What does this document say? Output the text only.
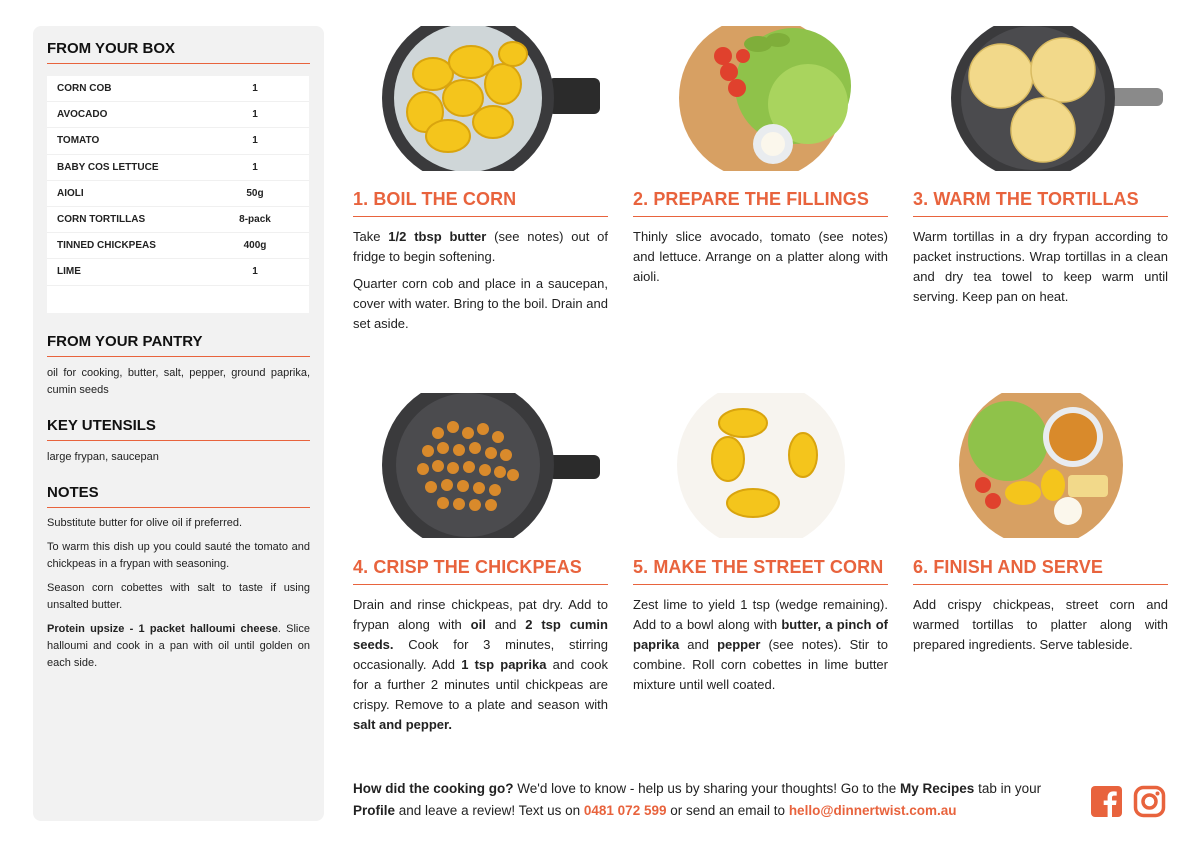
FROM YOUR BOX
CORN COB	1
AVOCADO	1
TOMATO	1
BABY COS LETTUCE	1
AIOLI	50g
CORN TORTILLAS	8-pack
TINNED CHICKPEAS	400g
LIME	1
FROM YOUR PANTRY
oil for cooking, butter, salt, pepper, ground paprika, cumin seeds
KEY UTENSILS
large frypan, saucepan
NOTES
Substitute butter for olive oil if preferred.
To warm this dish up you could sauté the tomato and chickpeas in a frypan with seasoning.
Season corn cobettes with salt to taste if using unsalted butter.
Protein upsize - 1 packet halloumi cheese. Slice halloumi and cook in a pan with oil until golden on each side.
1. BOIL THE CORN

Take 1/2 tbsp butter (see notes) out of fridge to begin softening.

Quarter corn cob and place in a saucepan, cover with water. Bring to the boil. Drain and set aside.

2. PREPARE THE FILLINGS

Thinly slice avocado, tomato (see notes) and lettuce. Arrange on a platter along with aioli.

3. WARM THE TORTILLAS

Warm tortillas in a dry frypan according to packet instructions. Wrap tortillas in a clean and dry tea towel to keep warm until serving. Keep pan on heat.

4. CRISP THE CHICKPEAS

Drain and rinse chickpeas, pat dry. Add to frypan along with oil and 2 tsp cumin seeds. Cook for 3 minutes, stirring occasionally. Add 1 tsp paprika and cook for a further 2 minutes until chickpeas are crispy. Remove to a plate and season with salt and pepper.

5. MAKE THE STREET CORN

Zest lime to yield 1 tsp (wedge remaining). Add to a bowl along with butter, a pinch of paprika and pepper (see notes). Stir to combine. Roll corn cobettes in lime butter mixture until well coated.

6. FINISH AND SERVE

Add crispy chickpeas, street corn and warmed tortillas to platter along with prepared ingredients. Serve tableside.

How did the cooking go? We'd love to know - help us by sharing your thoughts! Go to the My Recipes tab in your Profile and leave a review! Text us on 0481 072 599 or send an email to hello@dinnertwist.com.au
